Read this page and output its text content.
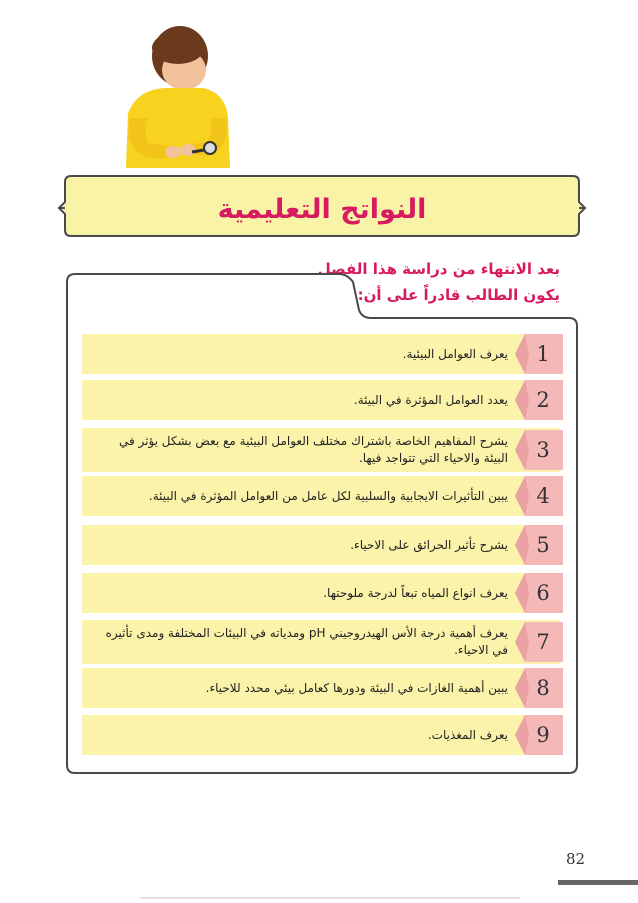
النواتج التعليمية
بعد الانتهاء من دراسة هذا الفصل
يكون الطالب قادراً على أن:
يعرف العوامل البيئية.	1
يعدد العوامل المؤثرة في البيئة.	2
يشرح المفاهيم الخاصة باشتراك مختلف العوامل البيئية مع بعض بشكل يؤثر في البيئة والاحياء التي تتواجد فيها.	3
يبين التأثيرات الايجابية والسلبية لكل عامل من العوامل المؤثرة في البيئة.	4
يشرح تأثير الحرائق على الاحياء.	5
يعرف انواع المياه تبعاً لدرجة ملوحتها.	6
يعرف أهمية درجة الأس الهيدروجيني pH ومدياته في البيئات المختلفة ومدى تأثيره في الاحياء.	7
يبين أهمية الغازات في البيئة ودورها كعامل بيئي محدد للاحياء.	8
يعرف المغذيات.	9
82
